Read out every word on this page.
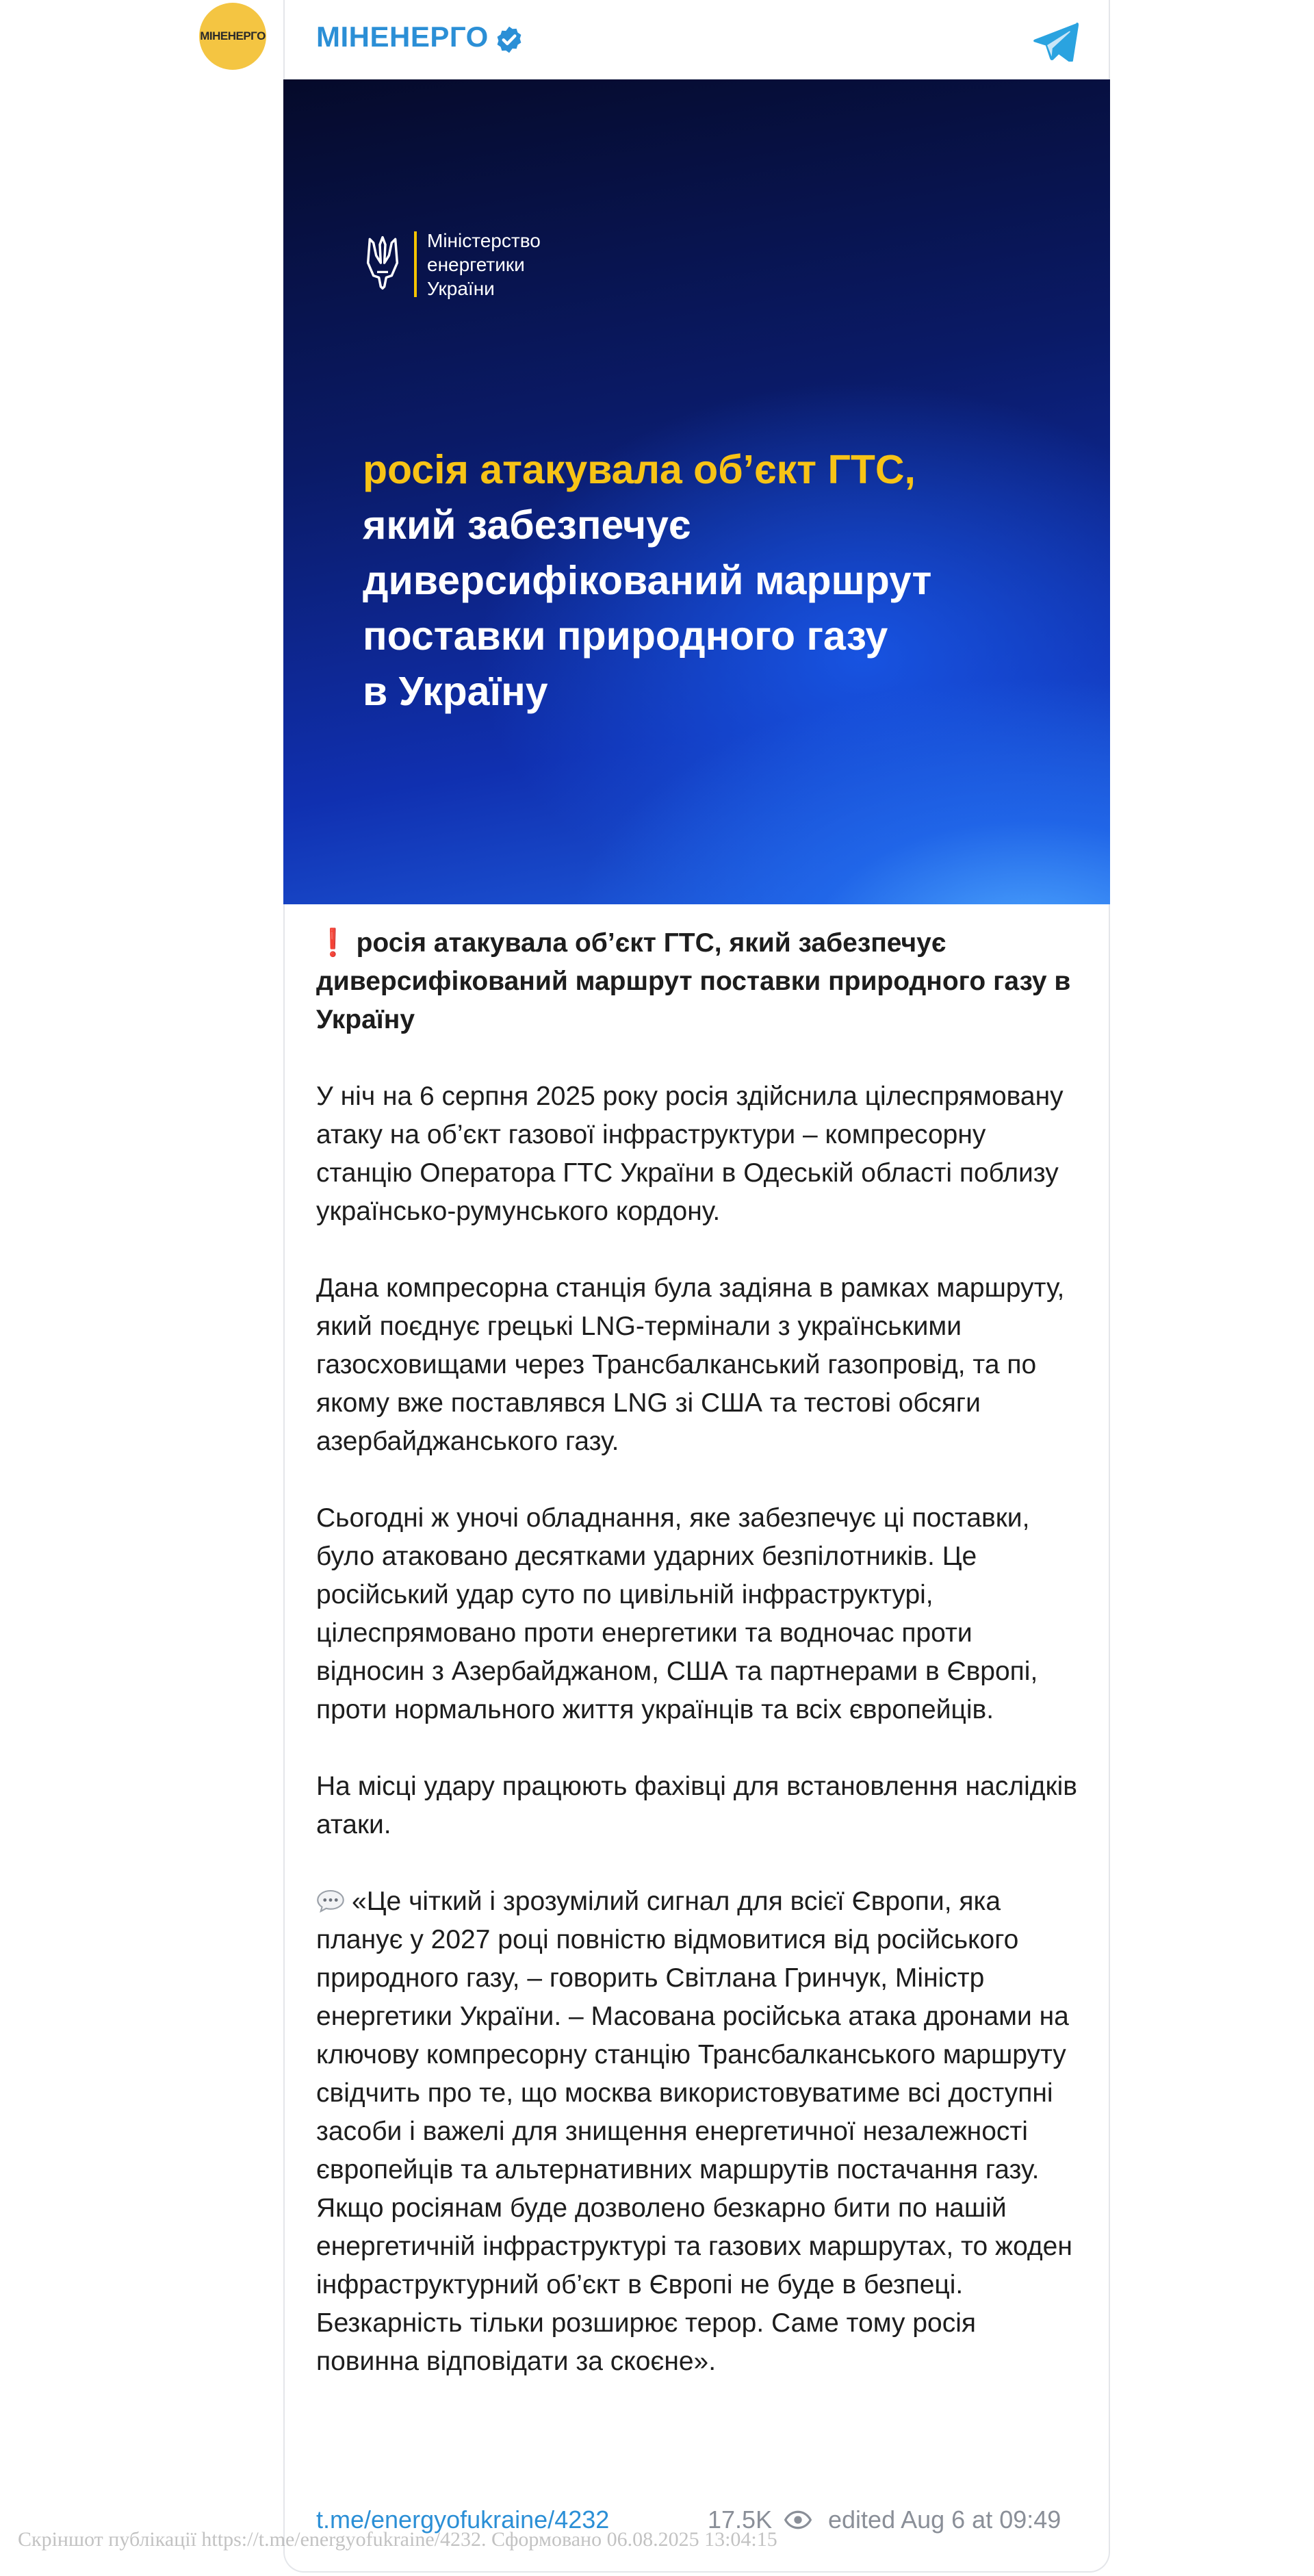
МІНЕНЕРГО МІНЕНЕРГО
Міністерство
енергетики
України
росія атакувала об’єкт ГТС,
який забезпечує
диверсифікований маршрут
поставки природного газу
в Україну

❗ росія атакувала об’єкт ГТС, який забезпечує диверсифікований маршрут поставки природного газу в Україну

У ніч на 6 серпня 2025 року росія здійснила цілеспрямовану атаку на об’єкт газової інфраструктури – компресорну станцію Оператора ГТС України в Одеській області поблизу українсько-румунського кордону.

Дана компресорна станція була задіяна в рамках маршруту, який поєднує грецькі LNG-термінали з українськими газосховищами через Трансбалканський газопровід, та по якому вже поставлявся LNG зі США та тестові обсяги азербайджанського газу.

Сьогодні ж уночі обладнання, яке забезпечує ці поставки, було атаковано десятками ударних безпілотників. Це російський удар суто по цивільній інфраструктурі, цілеспрямовано проти енергетики та водночас проти відносин з Азербайджаном, США та партнерами в Європі, проти нормального життя українців та всіх європейців.

На місці удару працюють фахівці для встановлення наслідків атаки.

«Це чіткий і зрозумілий сигнал для всієї Європи, яка планує у 2027 році повністю відмовитися від російського природного газу, – говорить Світлана Гринчук, Міністр енергетики України. – Масована російська атака дронами на ключову компресорну станцію Трансбалканського маршруту свідчить про те, що москва використовуватиме всі доступні засоби і важелі для знищення енергетичної незалежності європейців та альтернативних маршрутів постачання газу. Якщо росіянам буде дозволено безкарно бити по нашій енергетичній інфраструктурі та газових маршрутах, то жоден інфраструктурний об’єкт в Європі не буде в безпеці. Безкарність тільки розширює терор. Саме тому росія повинна відповідати за скоєне».

t.me/energyofukraine/4232	17.5K edited Aug 6 at 09:49
Скріншот публікації https://t.me/energyofukraine/4232. Сформовано 06.08.2025 13:04:15
